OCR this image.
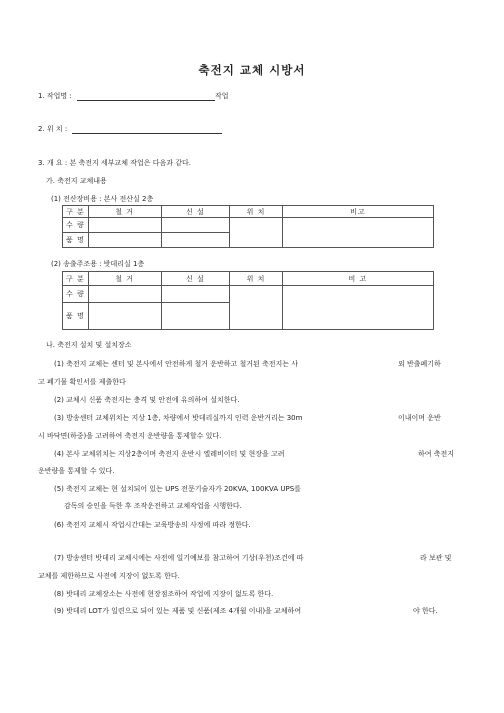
축전지 교체 시방서
1. 작업명 :	작업
2. 위 치 :
3. 개 요 : 본 축전지 세부교체 작업은 다음과 같다.
가. 축전지 교체내용
(1) 전산장비용 : 본사 전산실 2층
구 분	철 거	신 설	위 치	비고
수 량				
품 명				
(2) 송출주조용 : 밧데리실 1층
구 분	철 거	신 설	위 치	비 고
수 량				
품 명				
나. 축전지 설치 및 설치장소
(1) 축전지 교체는 센터 및 본사에서 안전하게 철거 운반하고 철거된 축전지는 사	외 반출폐기하
고 폐기물 확인서를 제출한다
(2) 교체시 신품 축전지는 충격 및 안전에 유의하여 설치한다.
(3) 방송센터 교체위치는 지상 1층, 차량에서 밧데리실까지 인력 운반거리는 30m	이내이며 운반
시 바닥면(하중)을 고려하여 축전지 운반량을 통제할수 있다.
(4) 본사 교체위치는 지상2층이며 축전지 운반시 엘레비이터 및 현장을 고려	하여 축전지
운반량을 통제할 수 있다.
(5) 축전지 교체는 현 설치되어 있는 UPS 전문기술자가 20KVA, 100KVA UPS를
감독의 승인을 득한 후 조작운전하고 교체작업을 시행한다.
(6) 축전지 교체시 작업시간대는 교육방송의 사정에 따라 정한다.
(7) 방송센터 밧데리 교체시에는 사전에 일기예보를 참고하여 기상(우천)조건에 따	라 보관 및
교체를 제한하므로 사전에 지장이 없도록 한다.
(8) 밧데리 교체장소는 사전에 현장점조하여 작업에 지장이 없도록 한다.
(9) 밧데리 LOT가 일련으로 되어 있는 제품 및 신품(제조 4개월 이내)을 교체하여	야 한다.
